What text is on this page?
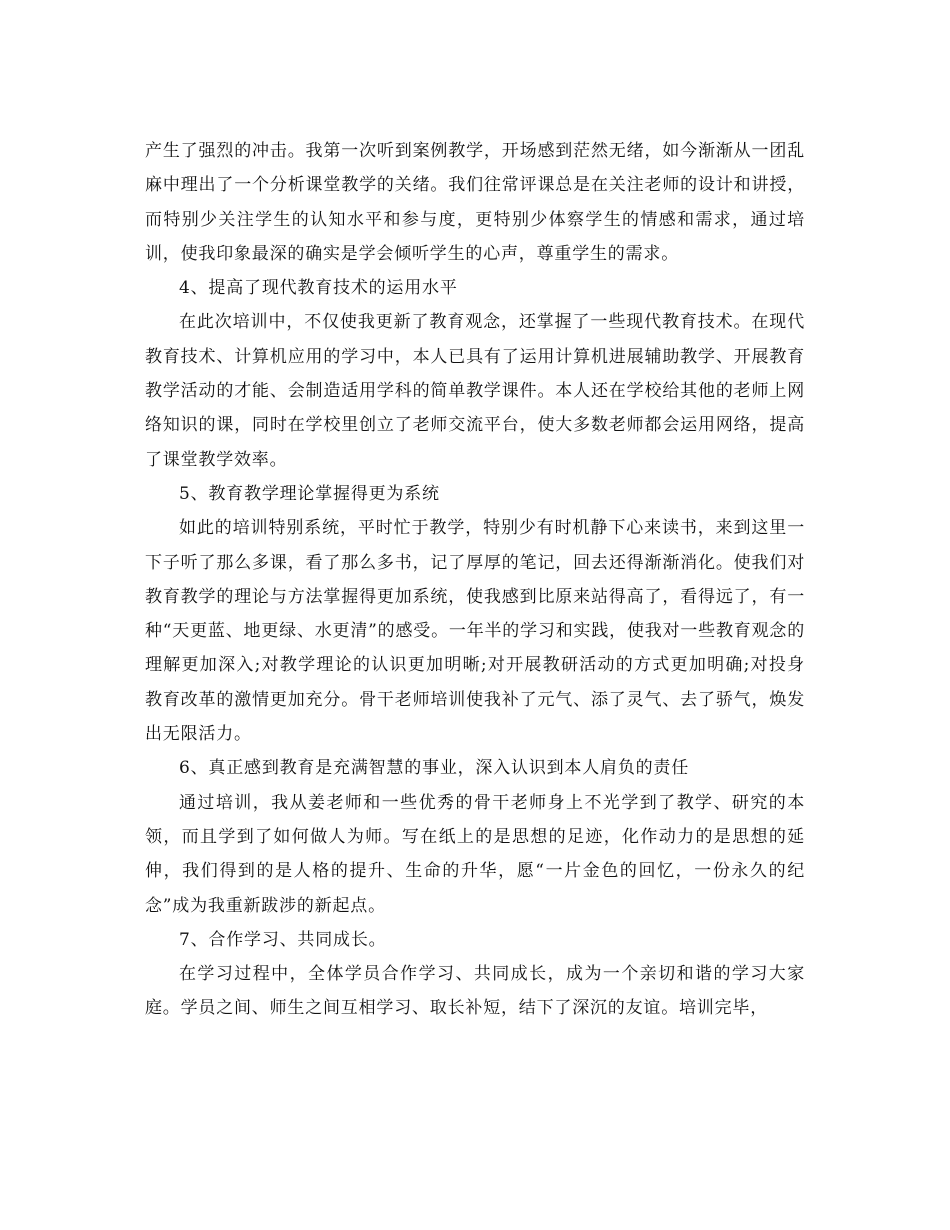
产生了强烈的冲击。我第一次听到案例教学，开场感到茫然无绪，如今渐渐从一团乱麻中理出了一个分析课堂教学的关绪。我们往常评课总是在关注老师的设计和讲授，而特别少关注学生的认知水平和参与度，更特别少体察学生的情感和需求，通过培训，使我印象最深的确实是学会倾听学生的心声，尊重学生的需求。

4、提高了现代教育技术的运用水平

在此次培训中，不仅使我更新了教育观念，还掌握了一些现代教育技术。在现代教育技术、计算机应用的学习中，本人已具有了运用计算机进展辅助教学、开展教育教学活动的才能、会制造适用学科的简单教学课件。本人还在学校给其他的老师上网络知识的课，同时在学校里创立了老师交流平台，使大多数老师都会运用网络，提高了课堂教学效率。

5、教育教学理论掌握得更为系统

如此的培训特别系统，平时忙于教学，特别少有时机静下心来读书，来到这里一下子听了那么多课，看了那么多书，记了厚厚的笔记，回去还得渐渐消化。使我们对教育教学的理论与方法掌握得更加系统，使我感到比原来站得高了，看得远了，有一种“天更蓝、地更绿、水更清”的感受。一年半的学习和实践，使我对一些教育观念的理解更加深入;对教学理论的认识更加明晰;对开展教研活动的方式更加明确;对投身教育改革的激情更加充分。骨干老师培训使我补了元气、添了灵气、去了骄气，焕发出无限活力。

6、真正感到教育是充满智慧的事业，深入认识到本人肩负的责任

通过培训，我从姜老师和一些优秀的骨干老师身上不光学到了教学、研究的本领，而且学到了如何做人为师。写在纸上的是思想的足迹，化作动力的是思想的延伸，我们得到的是人格的提升、生命的升华，愿“一片金色的回忆，一份永久的纪念”成为我重新跋涉的新起点。

7、合作学习、共同成长。

在学习过程中，全体学员合作学习、共同成长，成为一个亲切和谐的学习大家庭。学员之间、师生之间互相学习、取长补短，结下了深沉的友谊。培训完毕，
